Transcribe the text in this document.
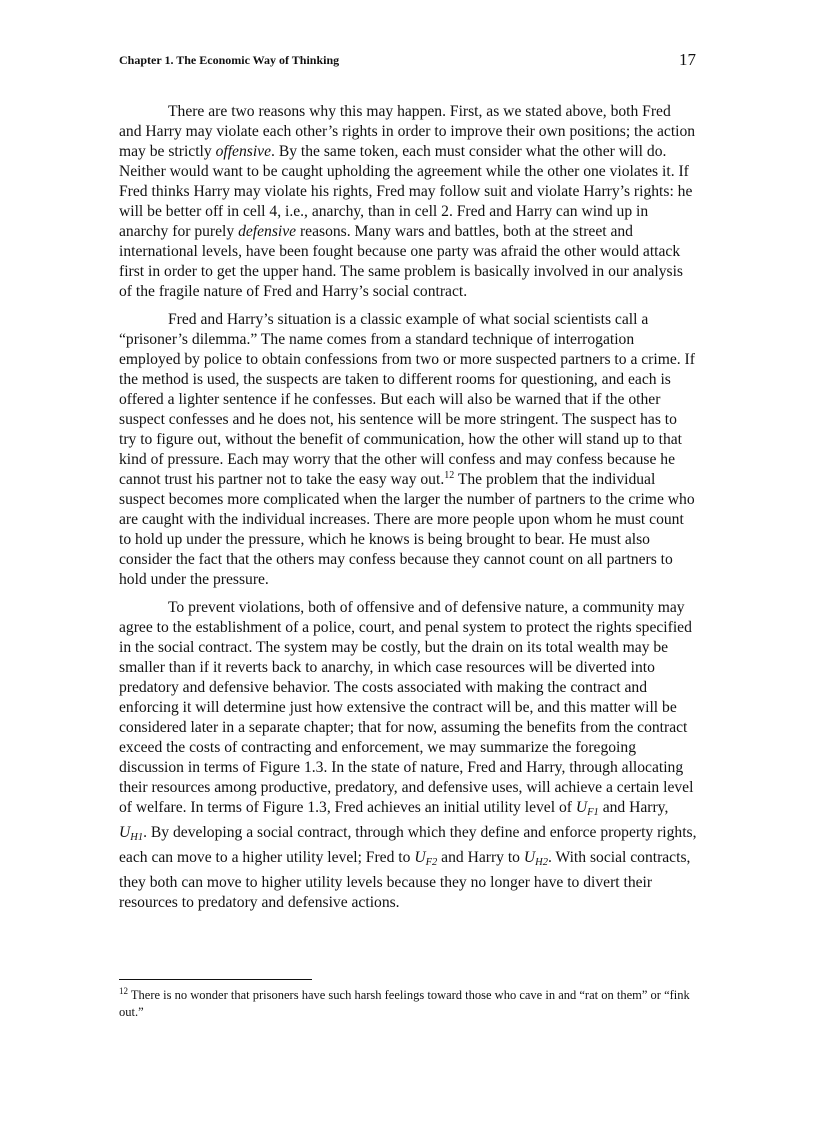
Chapter 1. The Economic Way of Thinking	17

There are two reasons why this may happen. First, as we stated above, both Fred and Harry may violate each other’s rights in order to improve their own positions; the action may be strictly offensive. By the same token, each must consider what the other will do. Neither would want to be caught upholding the agreement while the other one violates it. If Fred thinks Harry may violate his rights, Fred may follow suit and violate Harry’s rights: he will be better off in cell 4, i.e., anarchy, than in cell 2. Fred and Harry can wind up in anarchy for purely defensive reasons. Many wars and battles, both at the street and international levels, have been fought because one party was afraid the other would attack first in order to get the upper hand. The same problem is basically involved in our analysis of the fragile nature of Fred and Harry’s social contract.

Fred and Harry’s situation is a classic example of what social scientists call a “prisoner’s dilemma.” The name comes from a standard technique of interrogation employed by police to obtain confessions from two or more suspected partners to a crime. If the method is used, the suspects are taken to different rooms for questioning, and each is offered a lighter sentence if he confesses. But each will also be warned that if the other suspect confesses and he does not, his sentence will be more stringent. The suspect has to try to figure out, without the benefit of communication, how the other will stand up to that kind of pressure. Each may worry that the other will confess and may confess because he cannot trust his partner not to take the easy way out.$^{12}$ The problem that the individual suspect becomes more complicated when the larger the number of partners to the crime who are caught with the individual increases. There are more people upon whom he must count to hold up under the pressure, which he knows is being brought to bear. He must also consider the fact that the others may confess because they cannot count on all partners to hold under the pressure.

To prevent violations, both of offensive and of defensive nature, a community may agree to the establishment of a police, court, and penal system to protect the rights specified in the social contract. The system may be costly, but the drain on its total wealth may be smaller than if it reverts back to anarchy, in which case resources will be diverted into predatory and defensive behavior. The costs associated with making the contract and enforcing it will determine just how extensive the contract will be, and this matter will be considered later in a separate chapter; that for now, assuming the benefits from the contract exceed the costs of contracting and enforcement, we may summarize the foregoing discussion in terms of Figure 1.3. In the state of nature, Fred and Harry, through allocating their resources among productive, predatory, and defensive uses, will achieve a certain level of welfare. In terms of Figure 1.3, Fred achieves an initial utility level of $U_{F1}$ and Harry, $U_{H1}$. By developing a social contract, through which they define and enforce property rights, each can move to a higher utility level; Fred to $U_{F2}$ and Harry to $U_{H2}$. With social contracts, they both can move to higher utility levels because they no longer have to divert their resources to predatory and defensive actions.

$^{12}$ There is no wonder that prisoners have such harsh feelings toward those who cave in and “rat on them” or “fink out.”
